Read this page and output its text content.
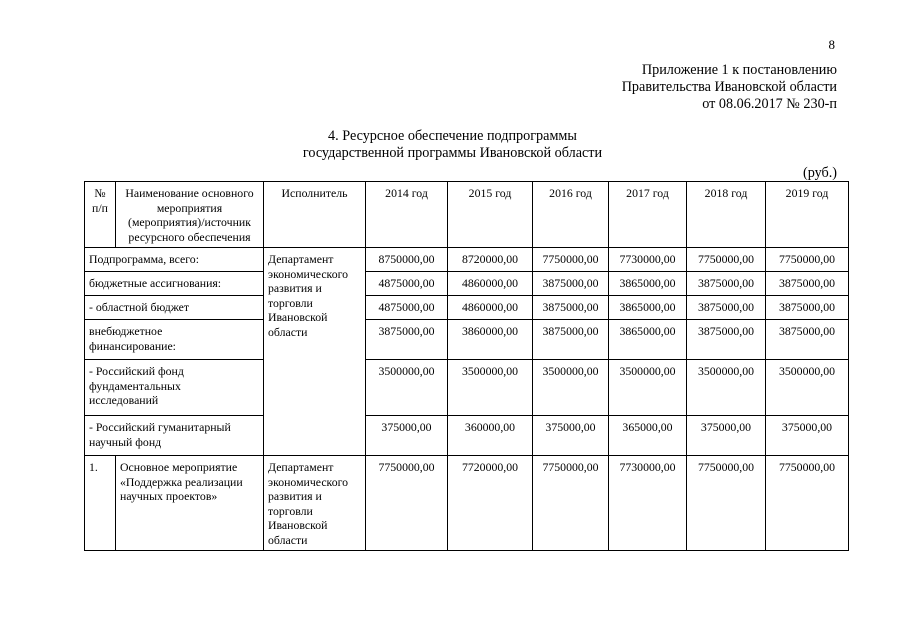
8
Приложение 1 к постановлению
Правительства Ивановской области
от 08.06.2017 № 230-п
4. Ресурсное обеспечение подпрограммы
государственной программы Ивановской области
(руб.)
№ п/п	Наименование основного мероприятия (мероприятия)/источник ресурсного обеспечения	Исполнитель	2014 год	2015 год	2016 год	2017 год	2018 год	2019 год
Подпрограмма, всего:		Департамент экономического развития и торговли Ивановской области	8750000,00	8720000,00	7750000,00	7730000,00	7750000,00	7750000,00
бюджетные ассигнования:			4875000,00	4860000,00	3875000,00	3865000,00	3875000,00	3875000,00
- областной бюджет			4875000,00	4860000,00	3875000,00	3865000,00	3875000,00	3875000,00
внебюджетное финансирование:			3875000,00	3860000,00	3875000,00	3865000,00	3875000,00	3875000,00
- Российский фонд фундаментальных исследований			3500000,00	3500000,00	3500000,00	3500000,00	3500000,00	3500000,00
- Российский гуманитарный научный фонд			375000,00	360000,00	375000,00	365000,00	375000,00	375000,00
1.	Основное мероприятие «Поддержка реализации научных проектов»	Департамент экономического развития и торговли Ивановской области	7750000,00	7720000,00	7750000,00	7730000,00	7750000,00	7750000,00
